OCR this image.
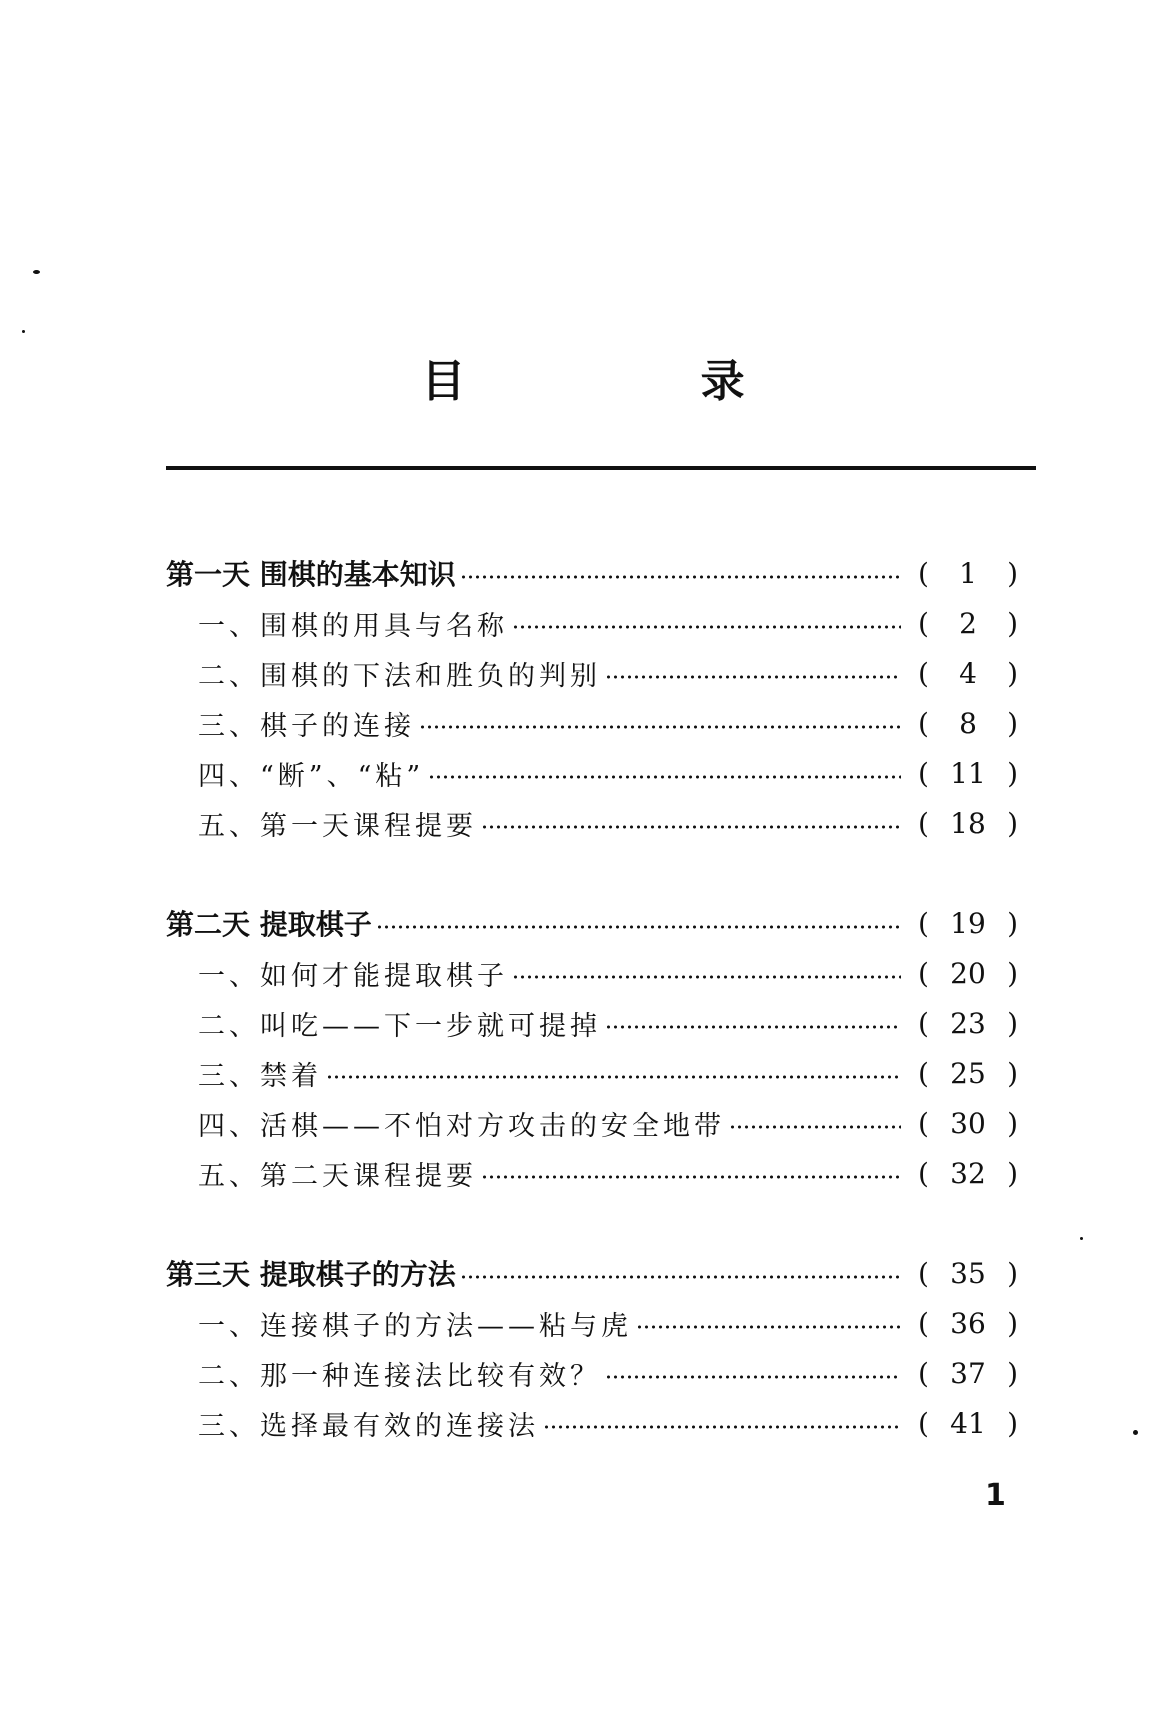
目 录
第一天 围棋的基本知识	(	1	)
一、围棋的用具与名称	(	2	)
二、围棋的下法和胜负的判别	(	4	)
三、棋子的连接	(	8	)
四、“断”、“粘”	( 11 )
五、第一天课程提要	( 18 )
第二天 提取棋子	( 19 )
一、如何才能提取棋子	( 20 )
二、叫吃——下一步就可提掉	( 23 )
三、禁着	( 25 )
四、活棋——不怕对方攻击的安全地带	( 30 )
五、第二天课程提要	( 32 )
第三天 提取棋子的方法	( 35 )
一、连接棋子的方法——粘与虎	( 36 )
二、那一种连接法比较有效？	( 37 )
三、选择最有效的连接法	( 41 )
1
